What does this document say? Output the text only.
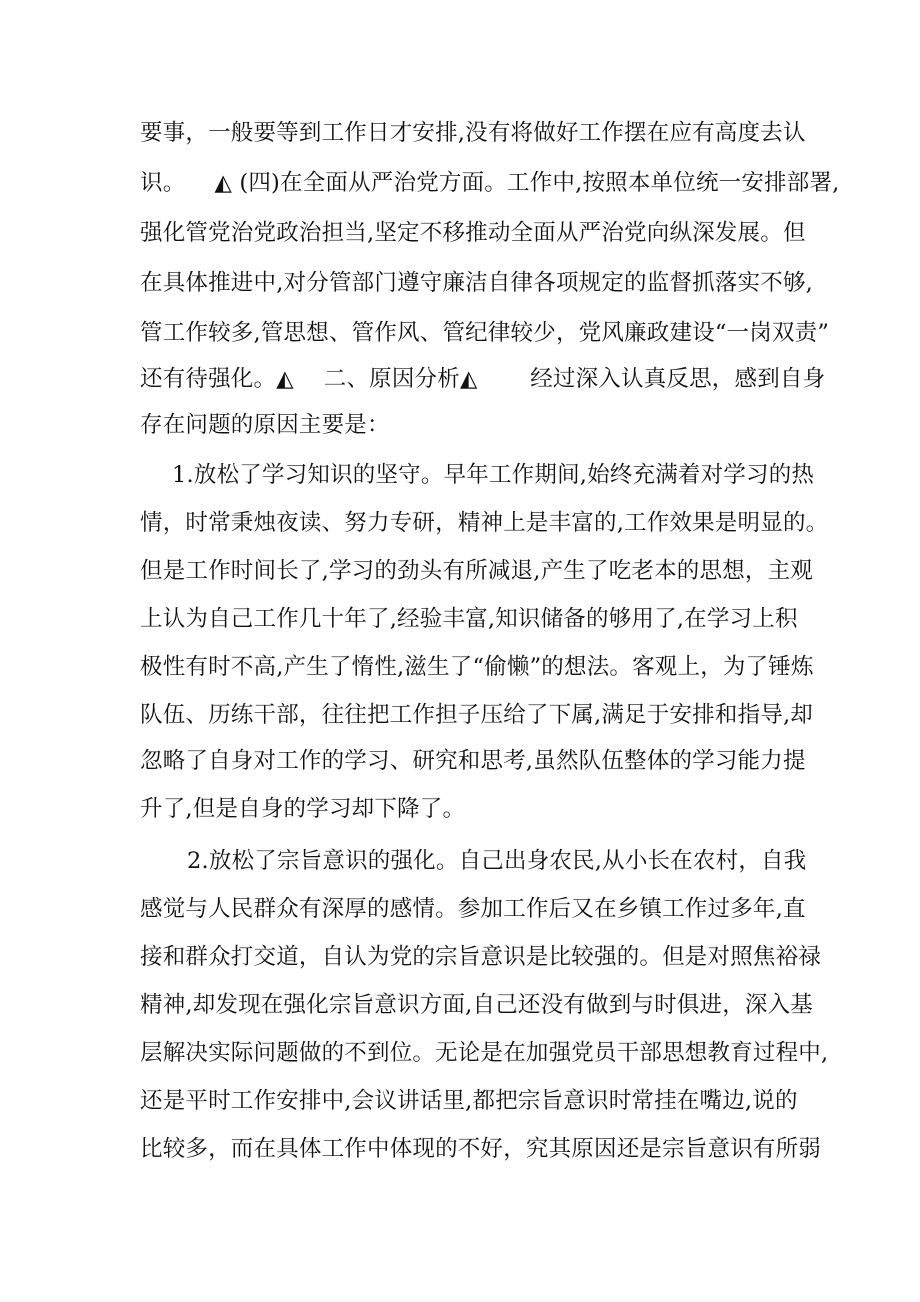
要事，一般要等到工作日才安排,没有将做好工作摆在应有高度去认
识。ﾠ ◭ (四)在全面从严治党方面。工作中,按照本单位统一安排部署,
强化管党治党政治担当,坚定不移推动全面从严治党向纵深发展。但
在具体推进中,对分管部门遵守廉洁自律各项规定的监督抓落实不够,
管工作较多,管思想、管作风、管纪律较少，党风廉政建设“一岗双责”
还有待强化。◭ 　二、原因分析◭ 　　经过深入认真反思，感到自身
存在问题的原因主要是：
1.放松了学习知识的坚守。早年工作期间,始终充满着对学习的热
情，时常秉烛夜读、努力专研，精神上是丰富的,工作效果是明显的。
但是工作时间长了,学习的劲头有所减退,产生了吃老本的思想，主观
上认为自己工作几十年了,经验丰富,知识储备的够用了,在学习上积
极性有时不高,产生了惰性,滋生了“偷懒”的想法。客观上，为了锤炼
队伍、历练干部，往往把工作担子压给了下属,满足于安排和指导,却
忽略了自身对工作的学习、研究和思考,虽然队伍整体的学习能力提
升了,但是自身的学习却下降了。
2.放松了宗旨意识的强化。自己出身农民,从小长在农村，自我
感觉与人民群众有深厚的感情。参加工作后又在乡镇工作过多年,直
接和群众打交道，自认为党的宗旨意识是比较强的。但是对照焦裕禄
精神,却发现在强化宗旨意识方面,自己还没有做到与时俱进，深入基
层解决实际问题做的不到位。无论是在加强党员干部思想教育过程中,
还是平时工作安排中,会议讲话里,都把宗旨意识时常挂在嘴边,说的
比较多，而在具体工作中体现的不好，究其原因还是宗旨意识有所弱
